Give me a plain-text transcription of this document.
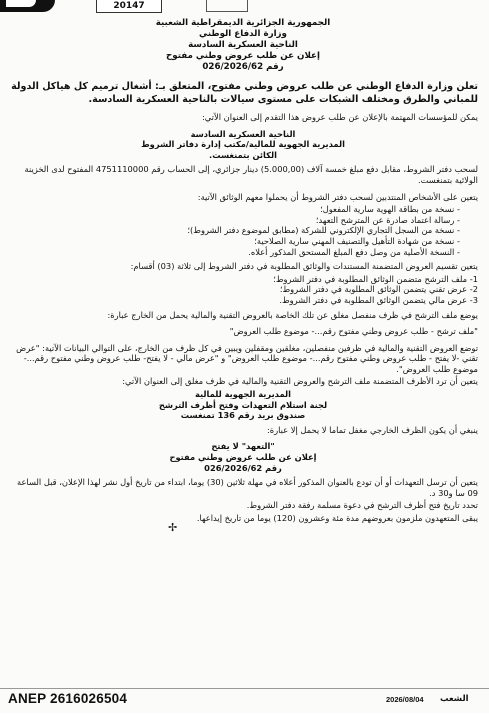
20147
الجمهورية الجزائرية الديمقراطية الشعبية
وزارة الدفاع الوطني
الناحية العسكرية السادسة
إعلان عن طلب عروض وطني مفتوح
رقم 026/2026/62

تعلن وزارة الدفاع الوطني عن طلب عروض وطني مفتوح، المتعلق بـ: أشغال ترميم كل هياكل الدولة للمباني والطرق ومختلف الشبكات على مستوى سيالات بالناحية العسكرية السادسة.

يمكن للمؤسسات المهتمة بالإعلان عن طلب عروض هذا التقدم إلى العنوان الآتي:

الناحية العسكرية السادسة
المديرية الجهوية للمالية/مكتب إدارة دفاتر الشروط
الكائن بتمنغست.

لسحب دفتر الشروط، مقابل دفع مبلغ خمسة آلاف (5.000,00) دينار جزائري، إلى الحساب رقم 4751110000 المفتوح لدى الخزينة الولائية بتمنغست.

يتعين على الأشخاص المنتدبين لسحب دفتر الشروط أن يحملوا معهم الوثائق الآتية:

- نسخة من بطاقة الهوية سارية المفعول؛
- رسالة اعتماد صادرة عن المترشح التعهد؛
- نسخة من السجل التجاري الإلكتروني للشركة (مطابق لموضوع دفتر الشروط)؛
- نسخة من شهادة التأهيل والتصنيف المهني سارية الصلاحية؛
- النسخة الأصلية من وصل دفع المبلغ المستحق المذكور أعلاه.

يتعين تقسيم العروض المتضمنة المستندات والوثائق المطلوبة في دفتر الشروط إلى ثلاثة (03) أقسام:

1- ملف الترشح متضمن الوثائق المطلوبة في دفتر الشروط؛
2- عرض تقني يتضمن الوثائق المطلوبة في دفتر الشروط؛
3- عرض مالي يتضمن الوثائق المطلوبة في دفتر الشروط.

يوضع ملف الترشح في ظرف منفصل مغلق عن تلك الخاصة بالعروض التقنية والمالية يحمل من الخارج عبارة:

"ملف ترشح - طلب عروض وطني مفتوح رقم...- موضوع طلب العروض"

توضع العروض التقنية والمالية في ظرفين منفصلين، مغلقين ومقفلين ويبين في كل ظرف من الخارج، على التوالي البيانات الآتية: "عرض تقني -لا يفتح - طلب عروض وطني مفتوح رقم...- موضوع طلب العروض" و "عرض مالي - لا يفتح- طلب عروض وطني مفتوح رقم...- موضوع طلب العروض".

يتعين أن ترد الأظرف المتضمنة ملف الترشح والعروض التقنية والمالية في ظرف مغلق إلى العنوان الآتي:

المديرية الجهوية للمالية
لجنة استلام التعهدات وفتح أظرف الترشح
صندوق بريد رقم 136 تمنغست

ينبغي أن يكون الظرف الخارجي مغفل تماما لا يحمل إلا عبارة:

"التعهد" لا يفتح
إعلان عن طلب عروض وطني مفتوح
رقم 026/2026/62

يتعين أن ترسل التعهدات أو أن تودع بالعنوان المذكور أعلاه في مهلة ثلاثين (30) يوما، ابتداء من تاريخ أول نشر لهذا الإعلان، قبل الساعة 09 سا و30 د.

تحدد تاريخ فتح أظرف الترشح في دعوة مسلمة رفقة دفتر الشروط.

يبقى المتعهدون ملزمون بعروضهم مدة مئة وعشرون (120) يوما من تاريخ إيداعها.

✢
ANEP 2616026504	2026/08/04 الشعب
